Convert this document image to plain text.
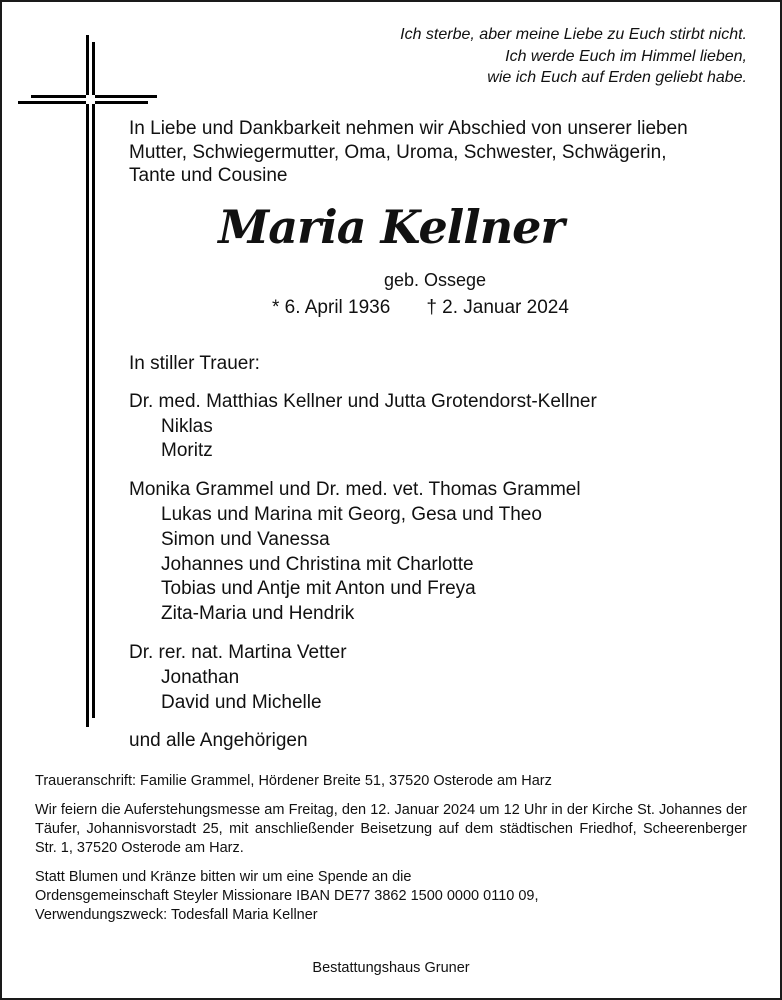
Ich sterbe, aber meine Liebe zu Euch stirbt nicht.
Ich werde Euch im Himmel lieben,
wie ich Euch auf Erden geliebt habe.
In Liebe und Dankbarkeit nehmen wir Abschied von unserer lieben
Mutter, Schwiegermutter, Oma, Uroma, Schwester, Schwägerin,
Tante und Cousine
Maria Kellner
geb. Ossege
* 6. April 1936 † 2. Januar 2024
In stiller Trauer:
Dr. med. Matthias Kellner und Jutta Grotendorst-Kellner
Niklas
Moritz
Monika Grammel und Dr. med. vet. Thomas Grammel
Lukas und Marina mit Georg, Gesa und Theo
Simon und Vanessa
Johannes und Christina mit Charlotte
Tobias und Antje mit Anton und Freya
Zita-Maria und Hendrik
Dr. rer. nat. Martina Vetter
Jonathan
David und Michelle
und alle Angehörigen

Traueranschrift: Familie Grammel, Hördener Breite 51, 37520 Osterode am Harz

Wir feiern die Auferstehungsmesse am Freitag, den 12. Januar 2024 um 12 Uhr in der Kirche St. Johannes der Täufer, Johannisvorstadt 25, mit anschließender Beisetzung auf dem städtischen Friedhof, Scheerenberger Str. 1, 37520 Osterode am Harz.

Statt Blumen und Kränze bitten wir um eine Spende an die
Ordensgemeinschaft Steyler Missionare IBAN DE77 3862 1500 0000 0110 09,
Verwendungszweck: Todesfall Maria Kellner

Bestattungshaus Gruner
